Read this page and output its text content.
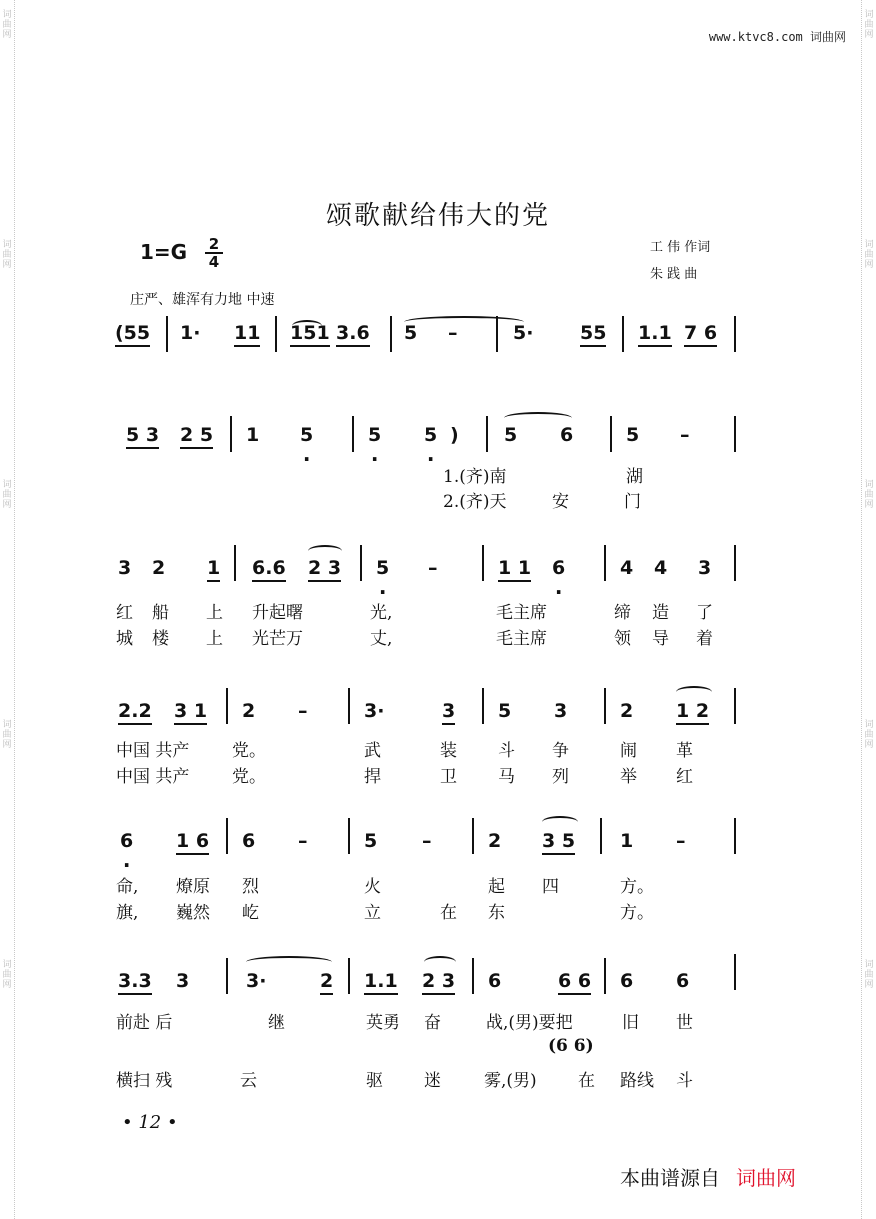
词曲网
词曲网
词曲网
词曲网
词曲网
词曲网
词曲网
词曲网
词曲网
词曲网
www.ktvc8.com 词曲网
颂歌献给伟大的党
1=G	2
4
工 伟 作词
朱 践 曲
庄严、雄浑有力地 中速
(55 1· 11 151 3.6 5 –	5· 55 1.1 7 6
5 3 2 5 1 5 .	5 . 5 . ) 5 6	5 –
1.(齐)南	湖
2.(齐)天	安	门
3 2 1 6.6 2 3 5 . –	1 1 6 .	4 4 3
红 船 上 升起曙	光,	毛主席	缔 造 了
城 楼 上 光芒万	丈,	毛主席	领 导 着
2.2 3 1 2 –	3·	3 5 3	2 1 2
中国 共产	党。	武	装 斗 争	闹 革
中国 共产	党。	捍	卫 马 列	举 红
6 . 1 6 6 –	5 –	2 3 5 1 –
命, 燎原 烈	火	起 四	方。
旗, 巍然 屹	立	在 东	方。
3.3 3	3·	2 1.1 2 3 6	6 6 6 6
前赴 后	继	英勇 奋	战,(男)要把	旧 世
(6 6)
横扫 残	云	驱 迷	雾,(男) 在 路线 斗
• 12 •
本曲谱源自 词曲网
